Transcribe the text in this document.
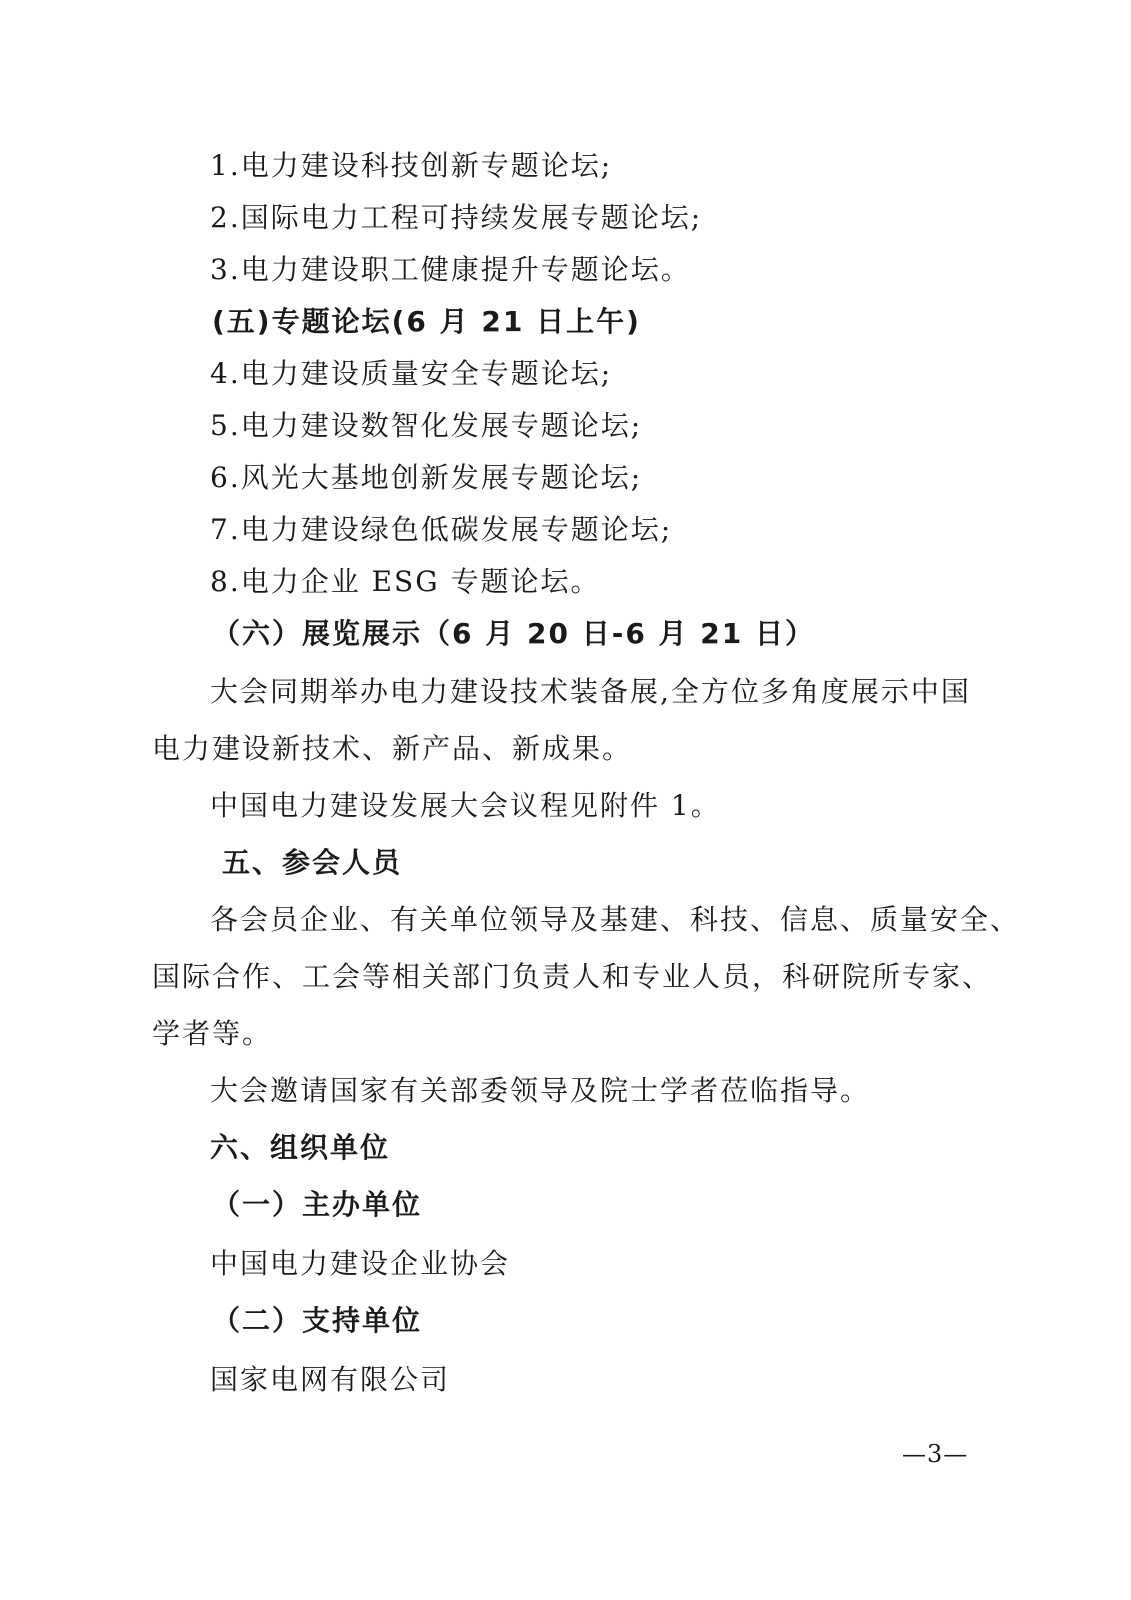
1.电力建设科技创新专题论坛;
2.国际电力工程可持续发展专题论坛;
3.电力建设职工健康提升专题论坛。
(五)专题论坛(6 月 21 日上午)
4.电力建设质量安全专题论坛;
5.电力建设数智化发展专题论坛;
6.风光大基地创新发展专题论坛;
7.电力建设绿色低碳发展专题论坛;
8.电力企业 ESG 专题论坛。
（六）展览展示（6 月 20 日-6 月 21 日）
大会同期举办电力建设技术装备展,全方位多角度展示中国
电力建设新技术、新产品、新成果。
中国电力建设发展大会议程见附件 1。
五、参会人员
各会员企业、有关单位领导及基建、科技、信息、质量安全、
国际合作、工会等相关部门负责人和专业人员，科研院所专家、
学者等。
大会邀请国家有关部委领导及院士学者莅临指导。
六、组织单位
（一）主办单位
中国电力建设企业协会
（二）支持单位
国家电网有限公司
—3—
